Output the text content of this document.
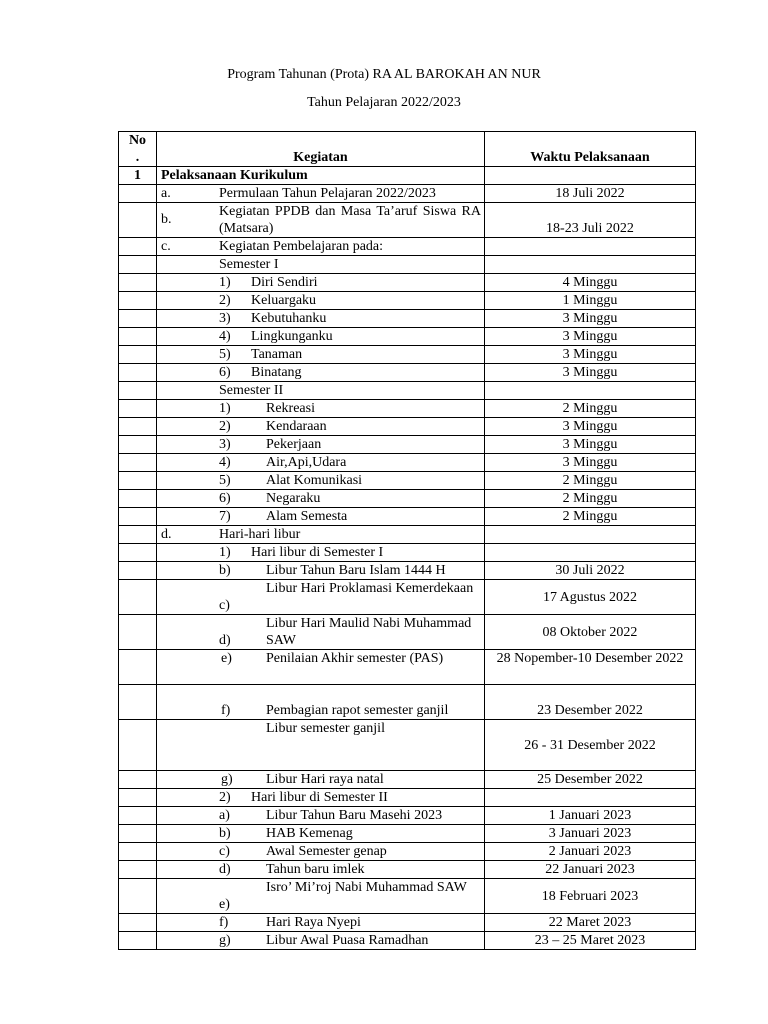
Program Tahunan (Prota) RA AL BAROKAH AN NUR
Tahun Pelajaran 2022/2023
No
.	Kegiatan	Waktu Pelaksanaan
1	Pelaksanaan Kurikulum	

	a. Permulaan Tahun Pelajaran 2022/2023	18 Juli 2022

	b.
Kegiatan PPDB dan Masa Ta’aruf Siswa RA (Matsara)	18-23 Juli 2022

	c. Kegiatan Pembelajaran pada:	

	Semester I	

	1) Diri Sendiri	4 Minggu

	2) Keluargaku	1 Minggu

	3) Kebutuhanku	3 Minggu

	4) Lingkunganku	3 Minggu

	5) Tanaman	3 Minggu

	6) Binatang	3 Minggu

	Semester II	

	1) Rekreasi	2 Minggu

	2) Kendaraan	3 Minggu

	3) Pekerjaan	3 Minggu

	4) Air,Api,Udara	3 Minggu

	5) Alat Komunikasi	2 Minggu

	6) Negaraku	2 Minggu

	7) Alam Semesta	2 Minggu

	d. Hari-hari libur	

	1) Hari libur di Semester I	

	b) Libur Tahun Baru Islam 1444 H	30 Juli 2022

	c)
Libur Hari Proklamasi Kemerdekaan	17 Agustus 2022

	d)
Libur Hari Maulid Nabi Muhammad SAW	08 Oktober 2022

	e) Penilaian Akhir semester (PAS)	28 Nopember-10 Desember 2022

	f) Pembagian rapot semester ganjil	23 Desember 2022

	Libur semester ganjil	26 - 31 Desember 2022

	g) Libur Hari raya natal	25 Desember 2022

	2) Hari libur di Semester II	

	a) Libur Tahun Baru Masehi 2023	1 Januari 2023

	b) HAB Kemenag	3 Januari 2023

	c) Awal Semester genap	2 Januari 2023

	d) Tahun baru imlek	22 Januari 2023

	e)
Isro’ Mi’roj Nabi Muhammad SAW	18 Februari 2023

	f) Hari Raya Nyepi	22 Maret 2023

	g) Libur Awal Puasa Ramadhan	23 – 25 Maret 2023
